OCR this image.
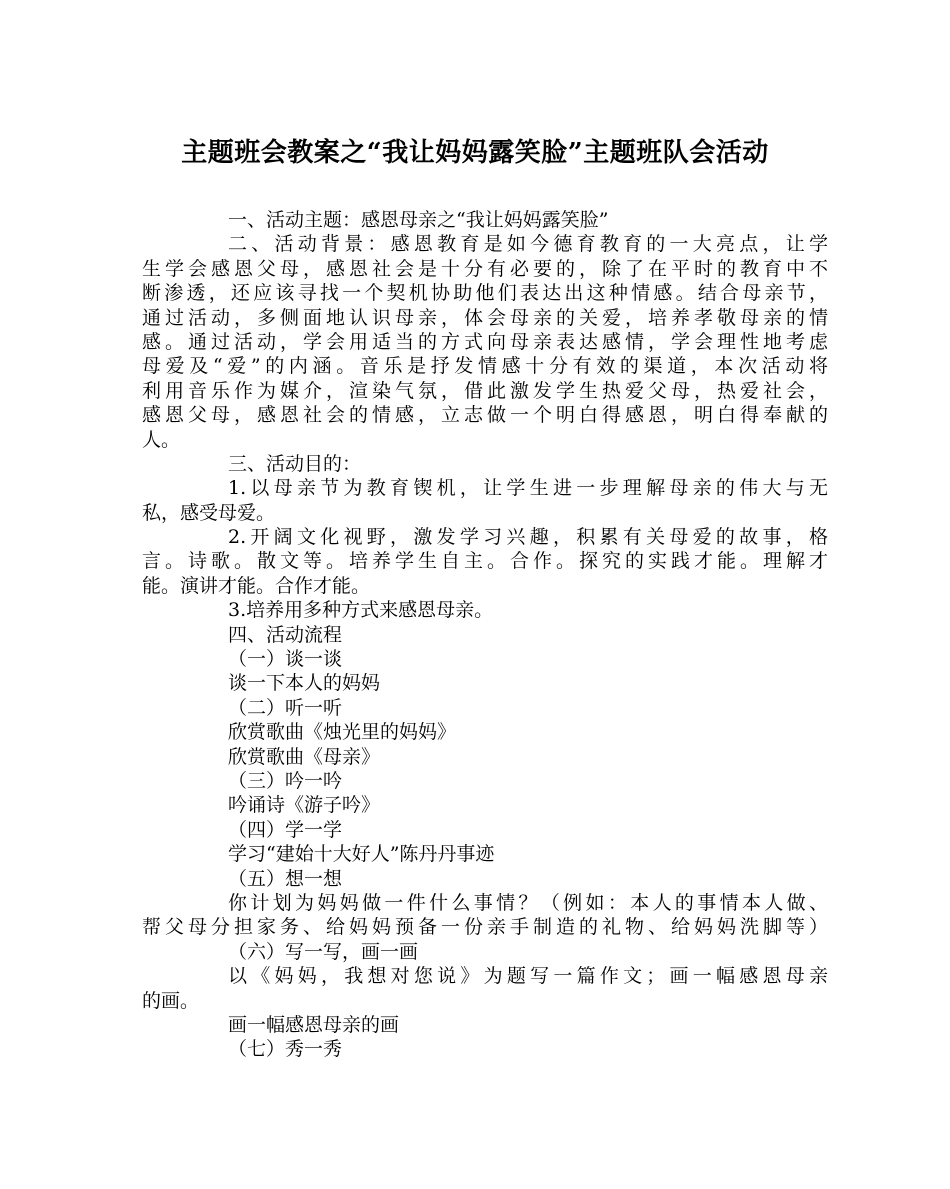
主题班会教案之“我让妈妈露笑脸”主题班队会活动
一、活动主题：感恩母亲之“我让妈妈露笑脸”
二、活动背景：感恩教育是如今德育教育的一大亮点，让学
生学会感恩父母，感恩社会是十分有必要的，除了在平时的教育中不
断渗透，还应该寻找一个契机协助他们表达出这种情感。结合母亲节，
通过活动，多侧面地认识母亲，体会母亲的关爱，培养孝敬母亲的情
感。通过活动，学会用适当的方式向母亲表达感情，学会理性地考虑
母爱及“爱”的内涵。音乐是抒发情感十分有效的渠道，本次活动将
利用音乐作为媒介，渲染气氛，借此激发学生热爱父母，热爱社会，
感恩父母，感恩社会的情感，立志做一个明白得感恩，明白得奉献的
人。
三、活动目的：
1.以母亲节为教育锲机，让学生进一步理解母亲的伟大与无
私，感受母爱。
2.开阔文化视野，激发学习兴趣，积累有关母爱的故事，格
言。诗歌。散文等。培养学生自主。合作。探究的实践才能。理解才
能。演讲才能。合作才能。
3.培养用多种方式来感恩母亲。
四、活动流程
（一）谈一谈
谈一下本人的妈妈
（二）听一听
欣赏歌曲《烛光里的妈妈》
欣赏歌曲《母亲》
（三）吟一吟
吟诵诗《游子吟》
（四）学一学
学习“建始十大好人”陈丹丹事迹
（五）想一想
你计划为妈妈做一件什么事情？（例如：本人的事情本人做、
帮父母分担家务、给妈妈预备一份亲手制造的礼物、给妈妈洗脚等）
（六）写一写，画一画
以《妈妈，我想对您说》为题写一篇作文；画一幅感恩母亲
的画。
画一幅感恩母亲的画
（七）秀一秀
